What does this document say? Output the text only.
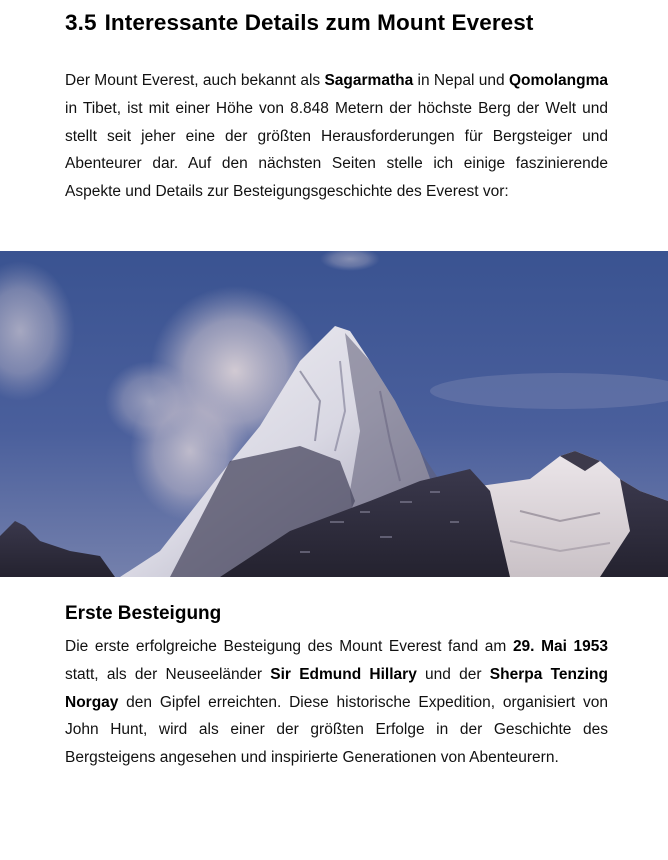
3.5 Interessante Details zum Mount Everest

Der Mount Everest, auch bekannt als Sagarmatha in Nepal und Qomolangma in Tibet, ist mit einer Höhe von 8.848 Metern der höchste Berg der Welt und stellt seit jeher eine der größten Herausforderungen für Bergsteiger und Abenteurer dar. Auf den nächsten Seiten stelle ich einige faszinierende Aspekte und Details zur Besteigungsgeschichte des Everest vor:

Erste Besteigung

Die erste erfolgreiche Besteigung des Mount Everest fand am 29. Mai 1953 statt, als der Neuseeländer Sir Edmund Hillary und der Sherpa Tenzing Norgay den Gipfel erreichten. Diese historische Expedition, organisiert von John Hunt, wird als einer der größten Erfolge in der Geschichte des Bergsteigens angesehen und inspirierte Generationen von Abenteurern.
